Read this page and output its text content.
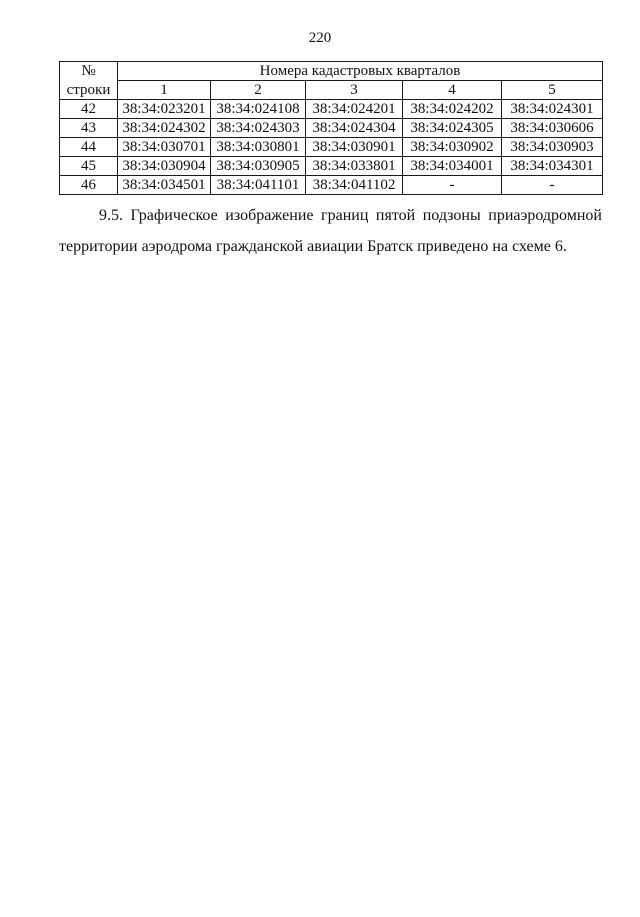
220
№	Номера кадастровых кварталов				
строки	1	2	3	4	5
42	38:34:023201	38:34:024108	38:34:024201	38:34:024202	38:34:024301
43	38:34:024302	38:34:024303	38:34:024304	38:34:024305	38:34:030606
44	38:34:030701	38:34:030801	38:34:030901	38:34:030902	38:34:030903
45	38:34:030904	38:34:030905	38:34:033801	38:34:034001	38:34:034301
46	38:34:034501	38:34:041101	38:34:041102	-	-

9.5. Графическое изображение границ пятой подзоны приаэродромной территории аэродрома гражданской авиации Братск приведено на схеме 6.
